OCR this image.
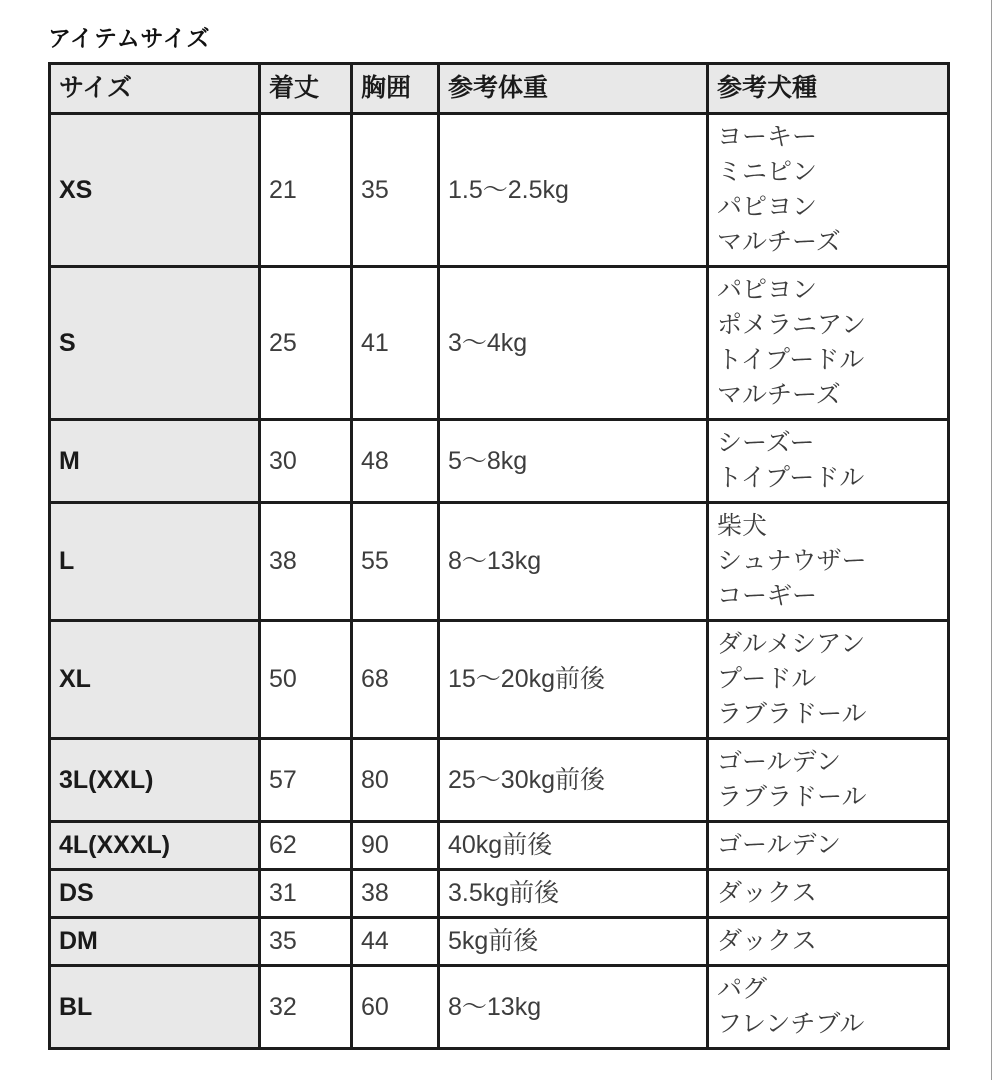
アイテムサイズ
サイズ	着丈	胸囲	参考体重	参考犬種
XS	21	35	1.5〜2.5kg	ヨーキー
ミニピン
パピヨン
マルチーズ

S	25	41	3〜4kg	パピヨン
ポメラニアン
トイプードル
マルチーズ

M	30	48	5〜8kg	シーズー
トイプードル

L	38	55	8〜13kg	柴犬
シュナウザー
コーギー

XL	50	68	15〜20kg前後	ダルメシアン
プードル
ラブラドール

3L(XXL)	57	80	25〜30kg前後	ゴールデン
ラブラドール

4L(XXXL)	62	90	40kg前後	ゴールデン

DS	31	38	3.5kg前後	ダックス

DM	35	44	5kg前後	ダックス

BL	32	60	8〜13kg	パグ
フレンチブル
